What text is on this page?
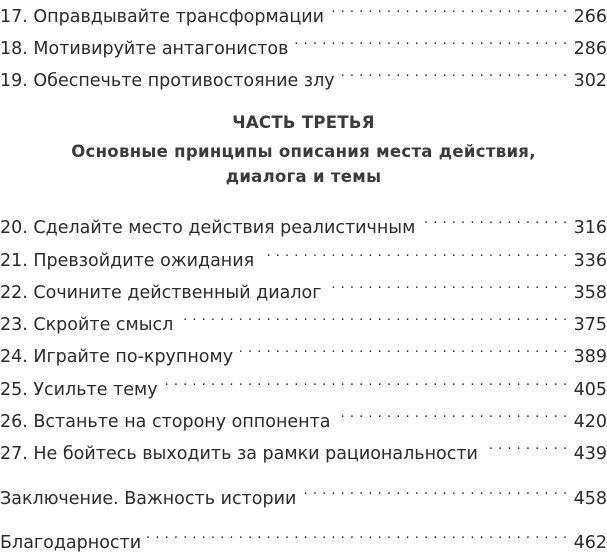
17. Оправдывайте трансформации . . .	266
18. Мотивируйте антагонистов . . .	286
19. Обеспечьте противостояние злу . . .	302
ЧАСТЬ ТРЕТЬЯ
Основные принципы описания места действия,
диалога и темы
20. Сделайте место действия реалистичным . . .	316
21. Превзойдите ожидания . . .	336
22. Сочините действенный диалог . . .	358
23. Скройте смысл . . .	375
24. Играйте по-крупному . . .	389
25. Усильте тему . . .	405
26. Встаньте на сторону оппонента . . .	420
27. Не бойтесь выходить за рамки рациональности . . .	439
Заключение. Важность истории . . .	458
Благодарности . . .	462
